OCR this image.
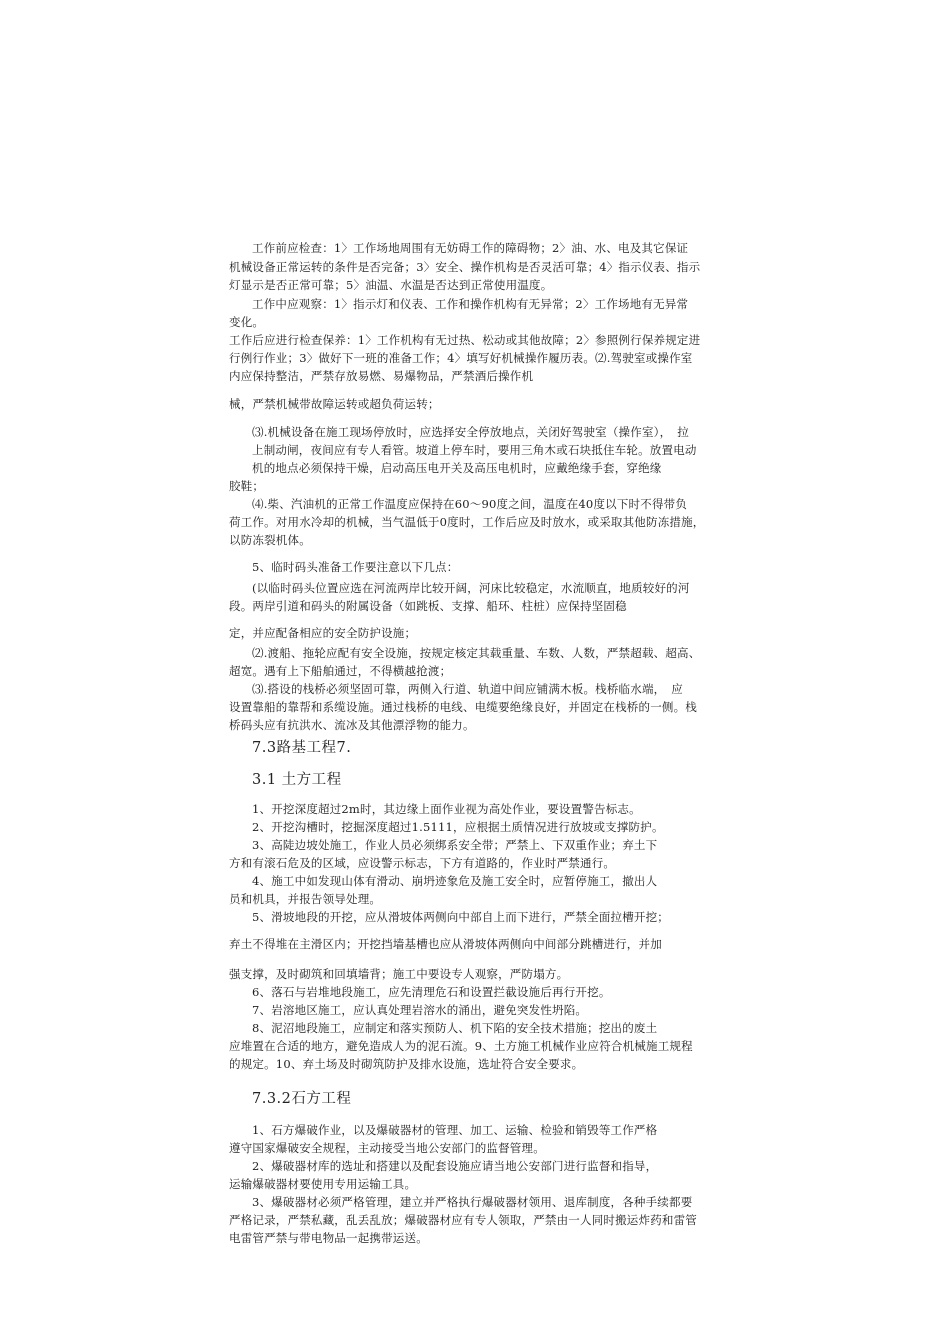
工作前应检查：1〉工作场地周围有无妨碍工作的障碍物；2〉油、水、电及其它保证
机械设备正常运转的条件是否完备；3〉安全、操作机构是否灵活可靠；4〉指示仪表、指示
灯显示是否正常可靠；5〉油温、水温是否达到正常使用温度。
工作中应观察：1〉指示灯和仪表、工作和操作机构有无异常；2〉工作场地有无异常
变化。
工作后应进行检查保养：1〉工作机构有无过热、松动或其他故障；2〉参照例行保养规定进
行例行作业；3〉做好下一班的准备工作；4〉填写好机械操作履历表。⑵.驾驶室或操作室
内应保持整洁，严禁存放易燃、易爆物品，严禁酒后操作机
械，严禁机械带故障运转或超负荷运转；
⑶.机械设备在施工现场停放时，应选择安全停放地点，关闭好驾驶室（操作室），　拉
上制动闸，夜间应有专人看管。坡道上停车时，要用三角木或石块抵住车轮。放置电动
机的地点必须保持干燥，启动高压电开关及高压电机时，应戴绝缘手套，穿绝缘
胶鞋；
⑷.柴、汽油机的正常工作温度应保持在60〜90度之间，温度在40度以下时不得带负
荷工作。对用水冷却的机械，当气温低于0度时，工作后应及时放水，或采取其他防冻措施，
以防冻裂机体。
5、临时码头准备工作要注意以下几点：
(以临时码头位置应选在河流两岸比较开阔，河床比较稳定，水流顺直，地质较好的河
段。两岸引道和码头的附属设备（如跳板、支撑、船环、柱桩）应保持坚固稳
定，并应配备相应的安全防护设施；
⑵.渡船、拖轮应配有安全设施，按规定核定其载重量、车数、人数，严禁超载、超高、
超宽。遇有上下船舶通过，不得横越抢渡；
⑶.搭设的栈桥必须坚固可靠，两侧入行道、轨道中间应铺满木板。栈桥临水端，　应
设置靠船的靠帮和系缆设施。通过栈桥的电线、电缆要绝缘良好，并固定在栈桥的一侧。栈
桥码头应有抗洪水、流冰及其他漂浮物的能力。
7.3路基工程7.
3.1 土方工程
1、开挖深度超过2m时，其边缘上面作业视为高处作业，要设置警告标志。
2、开挖沟槽时，挖掘深度超过1.5111，应根据土质情况进行放坡或支撑防护。
3、高陡边坡处施工，作业人员必须绑系安全带；严禁上、下双重作业；弃土下
方和有滚石危及的区域，应设警示标志，下方有道路的，作业时严禁通行。
4、施工中如发现山体有滑动、崩坍迹象危及施工安全时，应暂停施工，撤出人
员和机具，并报告领导处理。
5、滑坡地段的开挖，应从滑坡体两侧向中部自上而下进行，严禁全面拉槽开挖；
弃土不得堆在主滑区内；开挖挡墙基槽也应从滑坡体两侧向中间部分跳槽进行，并加
强支撑，及时砌筑和回填墙背；施工中要设专人观察，严防塌方。
6、落石与岩堆地段施工，应先清理危石和设置拦截设施后再行开挖。
7、岩溶地区施工，应认真处理岩溶水的涌出，避免突发性坍陷。
8、泥沼地段施工，应制定和落实预防人、机下陷的安全技术措施；挖出的废土
应堆置在合适的地方，避免造成人为的泥石流。9、土方施工机械作业应符合机械施工规程
的规定。10、弃土场及时砌筑防护及排水设施，选址符合安全要求。
7.3.2石方工程
1、石方爆破作业，以及爆破器材的管理、加工、运输、检验和销毁等工作严格
遵守国家爆破安全规程，主动接受当地公安部门的监督管理。
2、爆破器材库的选址和搭建以及配套设施应请当地公安部门进行监督和指导，
运输爆破器材要使用专用运输工具。
3、爆破器材必须严格管理，建立并严格执行爆破器材领用、退库制度，各种手续都要
严格记录，严禁私藏，乱丢乱放；爆破器材应有专人领取，严禁由一人同时搬运炸药和雷管
电雷管严禁与带电物品一起携带运送。
